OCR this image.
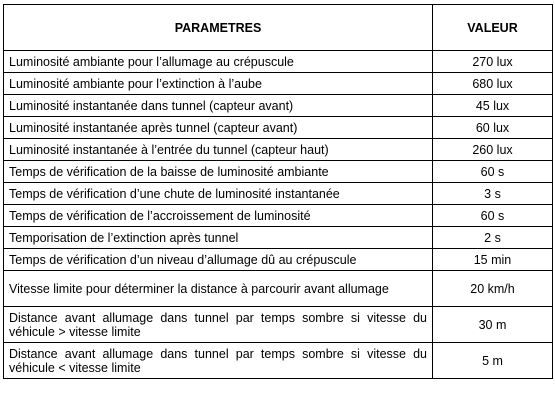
PARAMETRES	VALEUR
Luminosité ambiante pour l’allumage au crépuscule	270 lux
Luminosité ambiante pour l’extinction à l’aube	680 lux
Luminosité instantanée dans tunnel (capteur avant)	45 lux
Luminosité instantanée après tunnel (capteur avant)	60 lux
Luminosité instantanée à l’entrée du tunnel (capteur haut)	260 lux
Temps de vérification de la baisse de luminosité ambiante	60 s
Temps de vérification d’une chute de luminosité instantanée	3 s
Temps de vérification de l’accroissement de luminosité	60 s
Temporisation de l’extinction après tunnel	2 s
Temps de vérification d’un niveau d’allumage dû au crépuscule	15 min
Vitesse limite pour déterminer la distance à parcourir avant allumage	20 km/h
Distance avant allumage dans tunnel par temps sombre si vitesse du véhicule > vitesse limite	30 m
Distance avant allumage dans tunnel par temps sombre si vitesse du véhicule < vitesse limite	5 m
